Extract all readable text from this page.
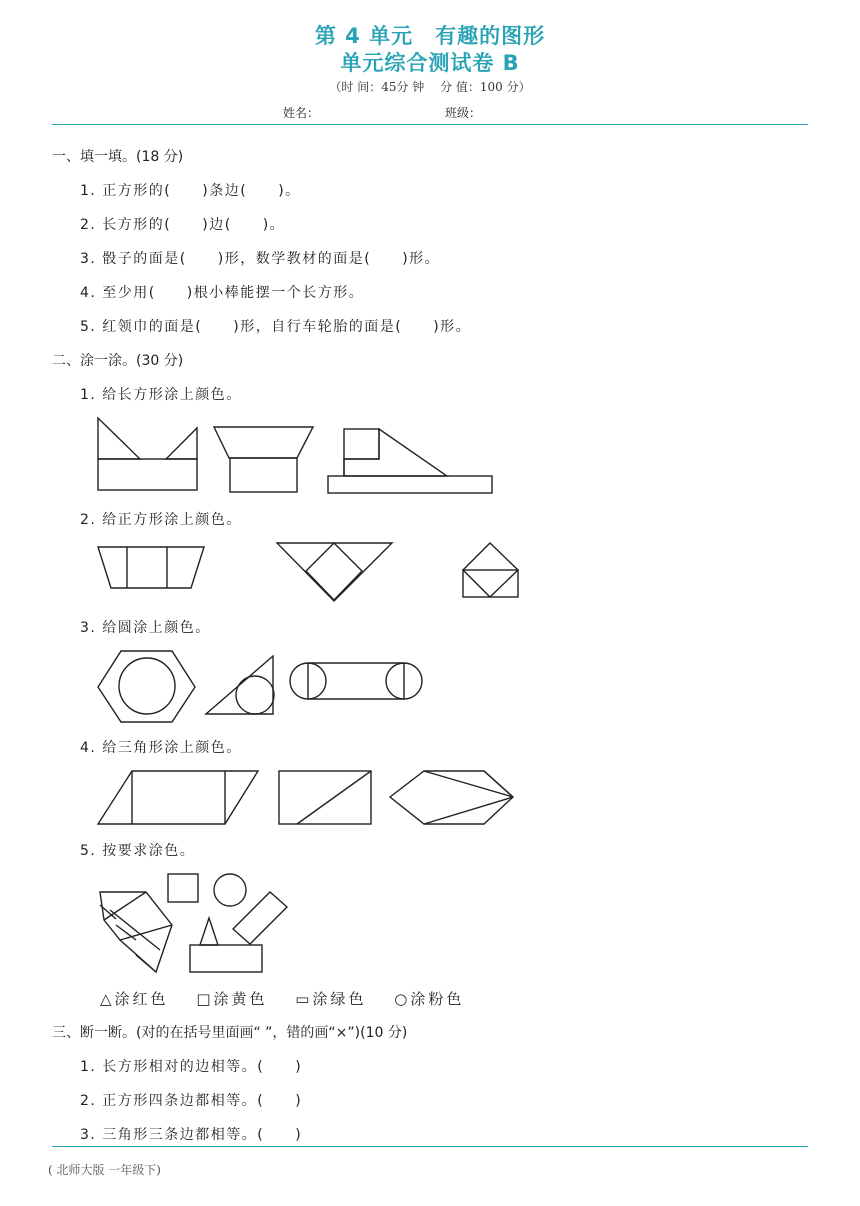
第 4 单元　有趣的图形
单元综合测试卷 B
（时 间：45分 钟　 分 值：100 分）
姓名：	班级：
一、填一填。(18 分)
1. 正方形的(　　)条边(　　)。
2. 长方形的(　　)边(　　)。
3. 骰子的面是(　　)形，数学教材的面是(　　)形。
4. 至少用(　　)根小棒能摆一个长方形。
5. 红领巾的面是(　　)形，自行车轮胎的面是(　　)形。
二、涂一涂。(30 分)
1. 给长方形涂上颜色。
2. 给正方形涂上颜色。
3. 给圆涂上颜色。
4. 给三角形涂上颜色。
5. 按要求涂色。
△涂红色 □涂黄色 ▭涂绿色 ○涂粉色
三、断一断。(对的在括号里面画“ ”，错的画“×”)(10 分)
1. 长方形相对的边相等。(　　)
2. 正方形四条边都相等。(　　)
3. 三角形三条边都相等。(　　)
( 北师大版 一年级下)
